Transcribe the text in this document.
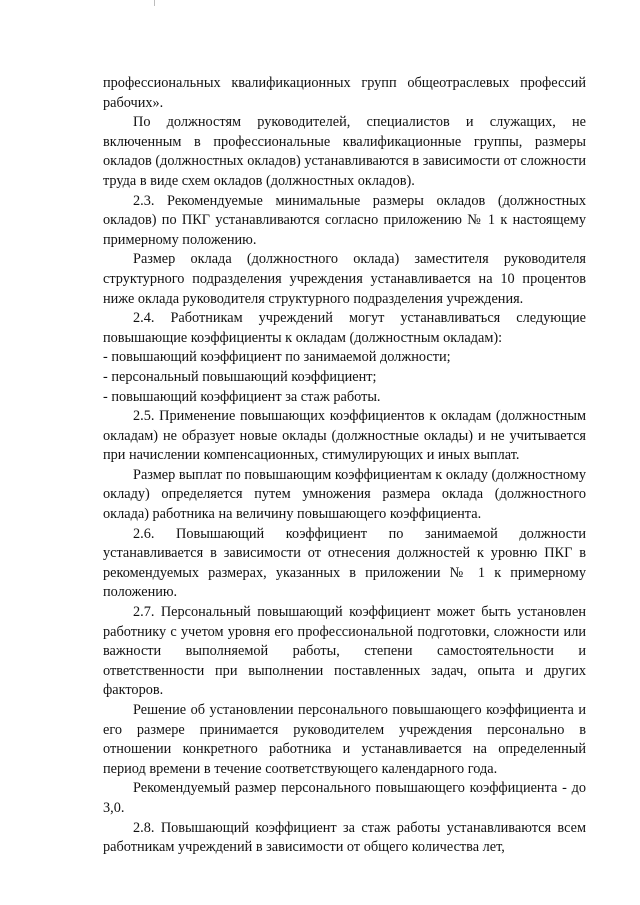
профессиональных квалификационных групп общеотраслевых профессий рабочих».

По должностям руководителей, специалистов и служащих, не включенным в профессиональные квалификационные группы, размеры окладов (должностных окладов) устанавливаются в зависимости от сложности труда в виде схем окладов (должностных окладов).

2.3. Рекомендуемые минимальные размеры окладов (должностных окладов) по ПКГ устанавливаются согласно приложению № 1 к настоящему примерному положению.

Размер оклада (должностного оклада) заместителя руководителя структурного подразделения учреждения устанавливается на 10 процентов ниже оклада руководителя структурного подразделения учреждения.

2.4. Работникам учреждений могут устанавливаться следующие повышающие коэффициенты к окладам (должностным окладам):

- повышающий коэффициент по занимаемой должности;

- персональный повышающий коэффициент;

- повышающий коэффициент за стаж работы.

2.5. Применение повышающих коэффициентов к окладам (должностным окладам) не образует новые оклады (должностные оклады) и не учитывается при начислении компенсационных, стимулирующих и иных выплат.

Размер выплат по повышающим коэффициентам к окладу (должностному окладу) определяется путем умножения размера оклада (должностного оклада) работника на величину повышающего коэффициента.

2.6. Повышающий коэффициент по занимаемой должности устанавливается в зависимости от отнесения должностей к уровню ПКГ в рекомендуемых размерах, указанных в приложении № 1 к примерному положению.

2.7. Персональный повышающий коэффициент может быть установлен работнику с учетом уровня его профессиональной подготовки, сложности или важности выполняемой работы, степени самостоятельности и ответственности при выполнении поставленных задач, опыта и других факторов.

Решение об установлении персонального повышающего коэффициента и его размере принимается руководителем учреждения персонально в отношении конкретного работника и устанавливается на определенный период времени в течение соответствующего календарного года.

Рекомендуемый размер персонального повышающего коэффициента - до 3,0.

2.8. Повышающий коэффициент за стаж работы устанавливаются всем работникам учреждений в зависимости от общего количества лет,
